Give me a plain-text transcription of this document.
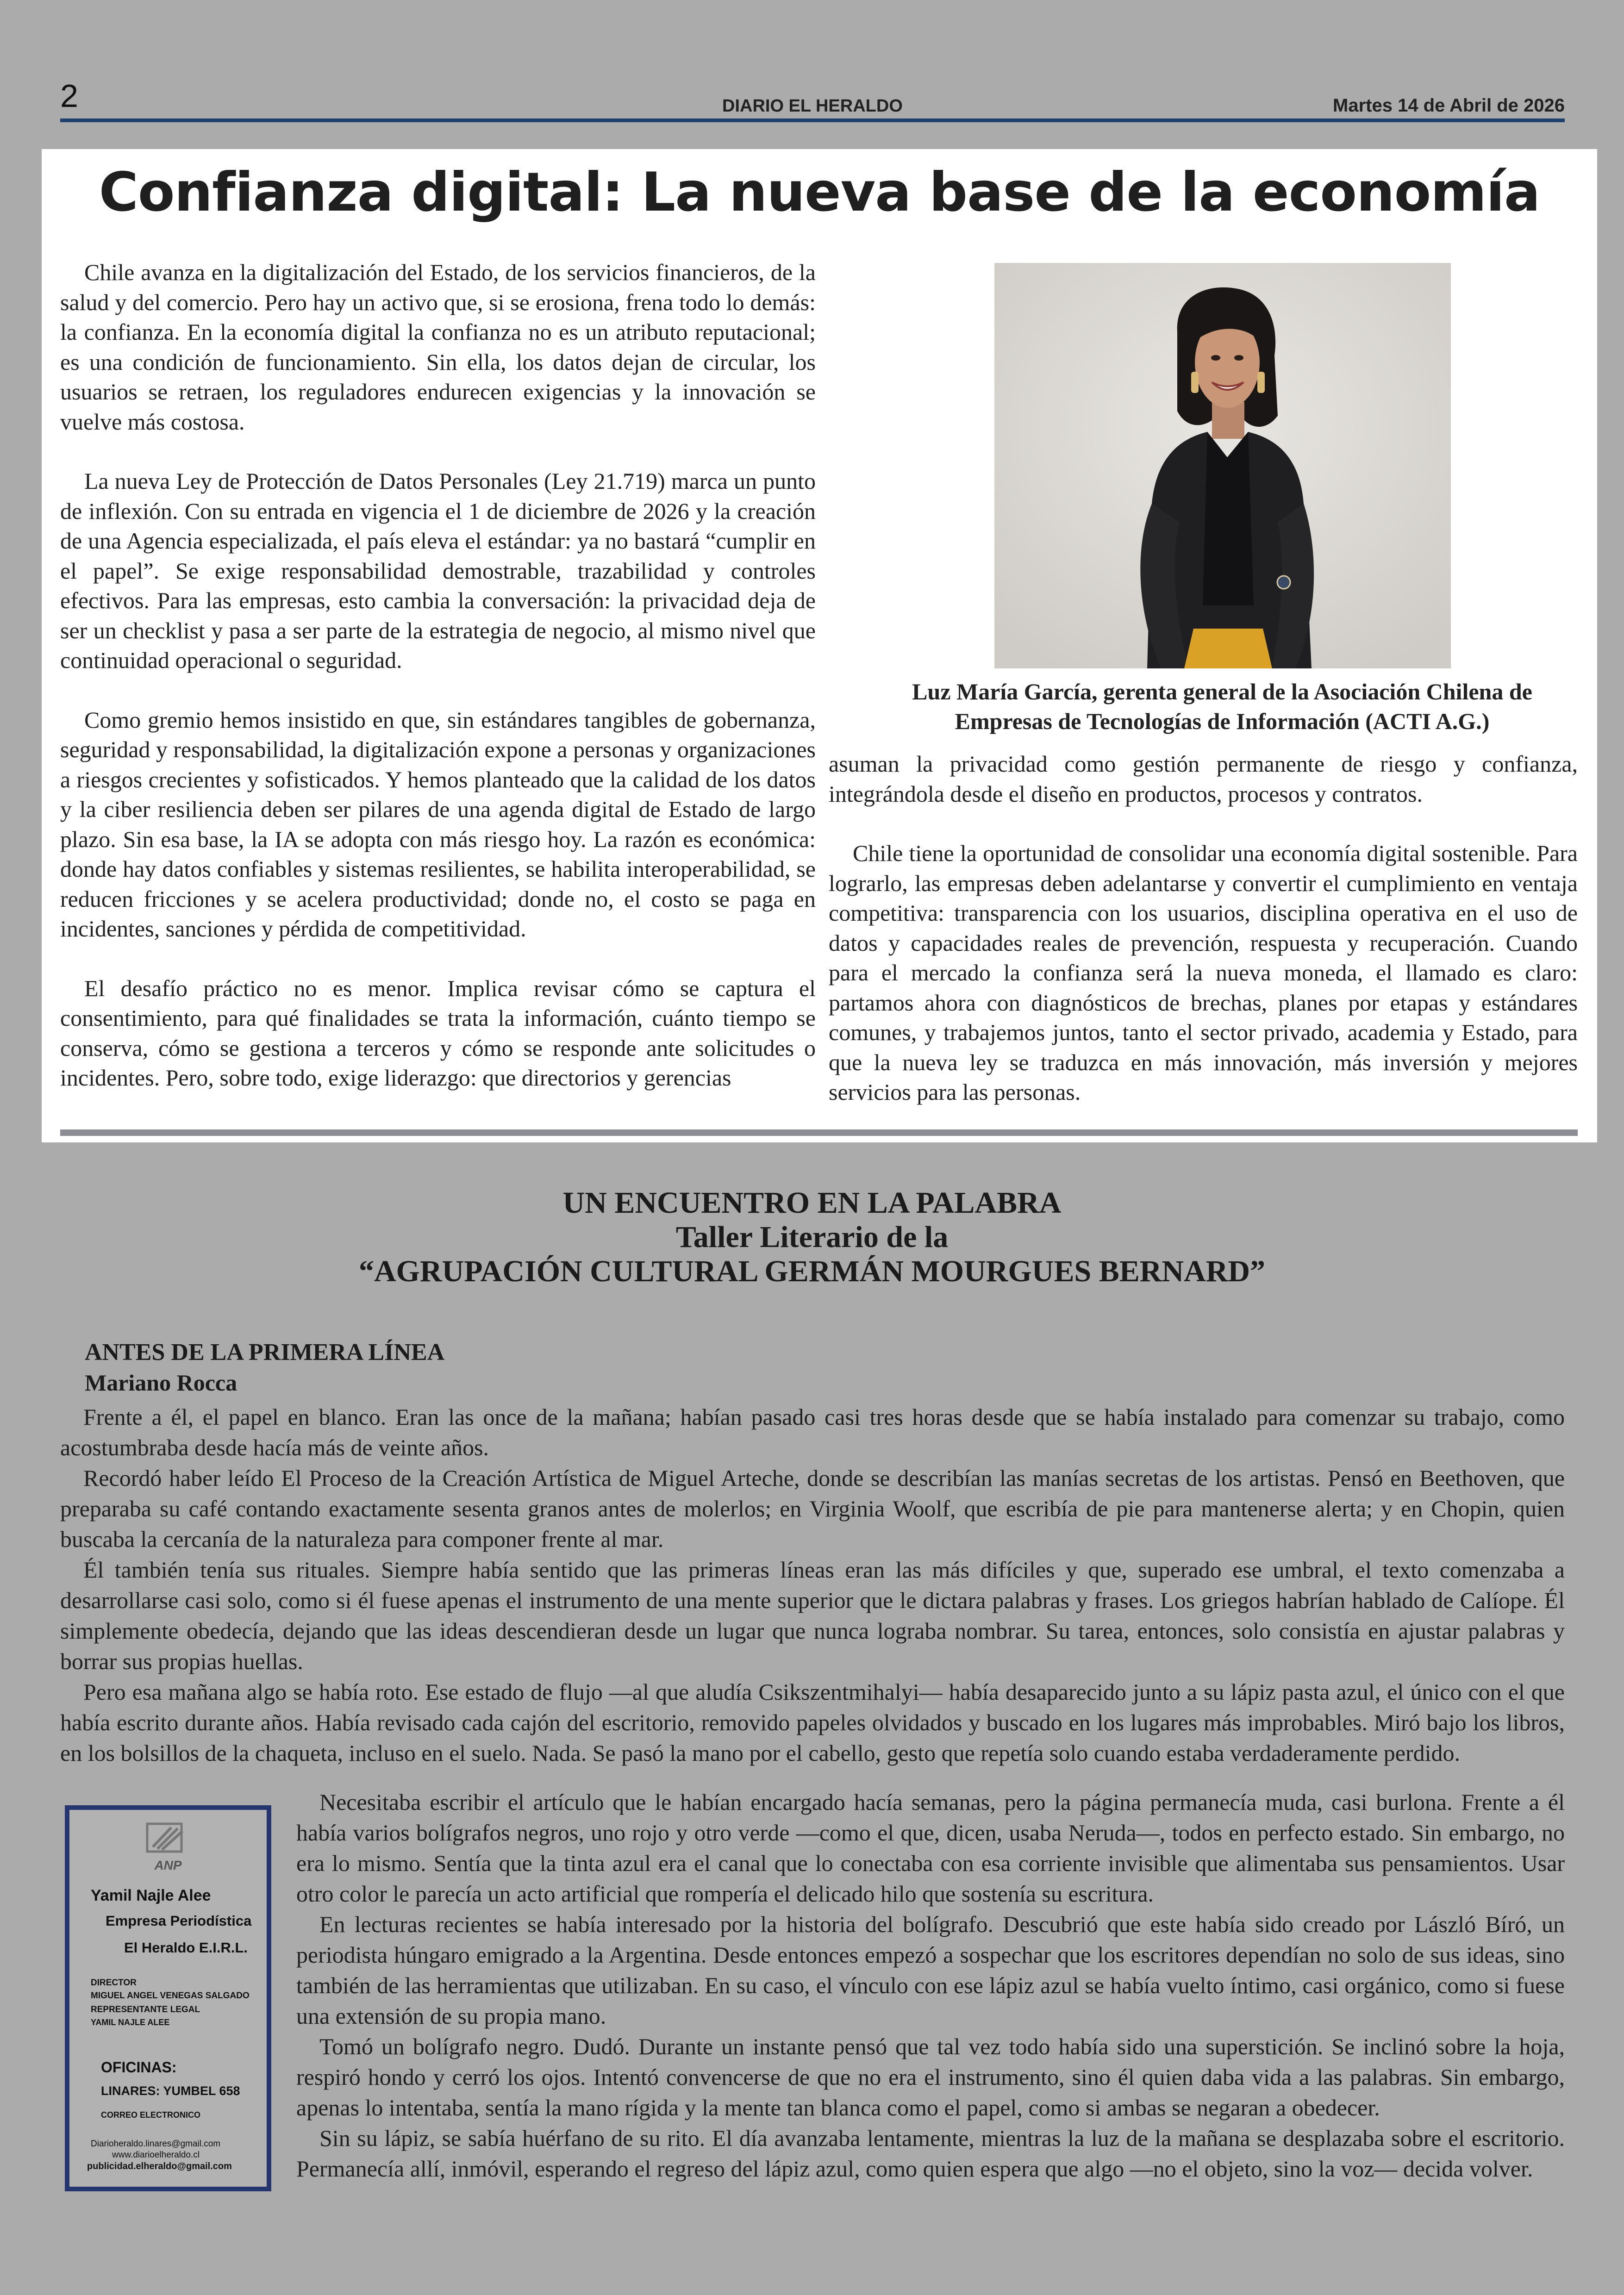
2	DIARIO EL HERALDO	Martes 14 de Abril de 2026
Confianza digital: La nueva base de la economía

Chile avanza en la digitalización del Estado, de los servicios financieros, de la salud y del comercio. Pero hay un activo que, si se erosiona, frena todo lo demás: la confianza. En la economía digital la confianza no es un atributo reputacional; es una condición de funcionamiento. Sin ella, los datos dejan de circular, los usuarios se retraen, los reguladores endurecen exigencias y la innovación se vuelve más costosa.

La nueva Ley de Protección de Datos Personales (Ley 21.719) marca un punto de inflexión. Con su entrada en vigencia el 1 de diciembre de 2026 y la creación de una Agencia especializada, el país eleva el estándar: ya no bastará “cumplir en el papel”. Se exige responsabilidad demostrable, trazabilidad y controles efectivos. Para las empresas, esto cambia la conversación: la privacidad deja de ser un checklist y pasa a ser parte de la estrategia de negocio, al mismo nivel que continuidad operacional o seguridad.

Como gremio hemos insistido en que, sin estándares tangibles de gobernanza, seguridad y responsabilidad, la digitalización expone a personas y organizaciones a riesgos crecientes y sofisticados. Y hemos planteado que la calidad de los datos y la ciber resiliencia deben ser pilares de una agenda digital de Estado de largo plazo. Sin esa base, la IA se adopta con más riesgo hoy. La razón es económica: donde hay datos confiables y sistemas resilientes, se habilita interoperabilidad, se reducen fricciones y se acelera productividad; donde no, el costo se paga en incidentes, sanciones y pérdida de competitividad.

El desafío práctico no es menor. Implica revisar cómo se captura el consentimiento, para qué finalidades se trata la información, cuánto tiempo se conserva, cómo se gestiona a terceros y cómo se responde ante solicitudes o incidentes. Pero, sobre todo, exige liderazgo: que directorios y gerencias

Luz María García, gerenta general de la Asociación Chilena de Empresas de Tecnologías de Información (ACTI A.G.)

asuman la privacidad como gestión permanente de riesgo y confianza, integrándola desde el diseño en productos, procesos y contratos.

Chile tiene la oportunidad de consolidar una economía digital sostenible. Para lograrlo, las empresas deben adelantarse y convertir el cumplimiento en ventaja competitiva: transparencia con los usuarios, disciplina operativa en el uso de datos y capacidades reales de prevención, respuesta y recuperación. Cuando para el mercado la confianza será la nueva moneda, el llamado es claro: partamos ahora con diagnósticos de brechas, planes por etapas y estándares comunes, y trabajemos juntos, tanto el sector privado, academia y Estado, para que la nueva ley se traduzca en más innovación, más inversión y mejores servicios para las personas.

UN ENCUENTRO EN LA PALABRA
Taller Literario de la
“AGRUPACIÓN CULTURAL GERMÁN MOURGUES BERNARD”
ANTES DE LA PRIMERA LÍNEA
Mariano Rocca

Frente a él, el papel en blanco. Eran las once de la mañana; habían pasado casi tres horas desde que se había instalado para comenzar su trabajo, como acostumbraba desde hacía más de veinte años.

Recordó haber leído El Proceso de la Creación Artística de Miguel Arteche, donde se describían las manías secretas de los artistas. Pensó en Beethoven, que preparaba su café contando exactamente sesenta granos antes de molerlos; en Virginia Woolf, que escribía de pie para mantenerse alerta; y en Chopin, quien buscaba la cercanía de la naturaleza para componer frente al mar.

Él también tenía sus rituales. Siempre había sentido que las primeras líneas eran las más difíciles y que, superado ese umbral, el texto comenzaba a desarrollarse casi solo, como si él fuese apenas el instrumento de una mente superior que le dictara palabras y frases. Los griegos habrían hablado de Calíope. Él simplemente obedecía, dejando que las ideas descendieran desde un lugar que nunca lograba nombrar. Su tarea, entonces, solo consistía en ajustar palabras y borrar sus propias huellas.

Pero esa mañana algo se había roto. Ese estado de flujo —al que aludía Csikszentmihalyi— había desaparecido junto a su lápiz pasta azul, el único con el que había escrito durante años. Había revisado cada cajón del escritorio, removido papeles olvidados y buscado en los lugares más improbables. Miró bajo los libros, en los bolsillos de la chaqueta, incluso en el suelo. Nada. Se pasó la mano por el cabello, gesto que repetía solo cuando estaba verdaderamente perdido.

Necesitaba escribir el artículo que le habían encargado hacía semanas, pero la página permanecía muda, casi burlona. Frente a él había varios bolígrafos negros, uno rojo y otro verde —como el que, dicen, usaba Neruda—, todos en perfecto estado. Sin embargo, no era lo mismo. Sentía que la tinta azul era el canal que lo conectaba con esa corriente invisible que alimentaba sus pensamientos. Usar otro color le parecía un acto artificial que rompería el delicado hilo que sostenía su escritura.

En lecturas recientes se había interesado por la historia del bolígrafo. Descubrió que este había sido creado por László Bíró, un periodista húngaro emigrado a la Argentina. Desde entonces empezó a sospechar que los escritores dependían no solo de sus ideas, sino también de las herramientas que utilizaban. En su caso, el vínculo con ese lápiz azul se había vuelto íntimo, casi orgánico, como si fuese una extensión de su propia mano.

Tomó un bolígrafo negro. Dudó. Durante un instante pensó que tal vez todo había sido una superstición. Se inclinó sobre la hoja, respiró hondo y cerró los ojos. Intentó convencerse de que no era el instrumento, sino él quien daba vida a las palabras. Sin embargo, apenas lo intentaba, sentía la mano rígida y la mente tan blanca como el papel, como si ambas se negaran a obedecer.

Sin su lápiz, se sabía huérfano de su rito. El día avanzaba lentamente, mientras la luz de la mañana se desplazaba sobre el escritorio. Permanecía allí, inmóvil, esperando el regreso del lápiz azul, como quien espera que algo —no el objeto, sino la voz— decida volver.

ANP
Yamil Najle Alee
Empresa Periodística
El Heraldo E.I.R.L.
DIRECTOR
MIGUEL ANGEL VENEGAS SALGADO
REPRESENTANTE LEGAL
YAMIL NAJLE ALEE
OFICINAS:
LINARES: YUMBEL 658
CORREO ELECTRONICO
Diarioheraldo.linares@gmail.com
www.diarioelheraldo.cl
publicidad.elheraldo@gmail.com
